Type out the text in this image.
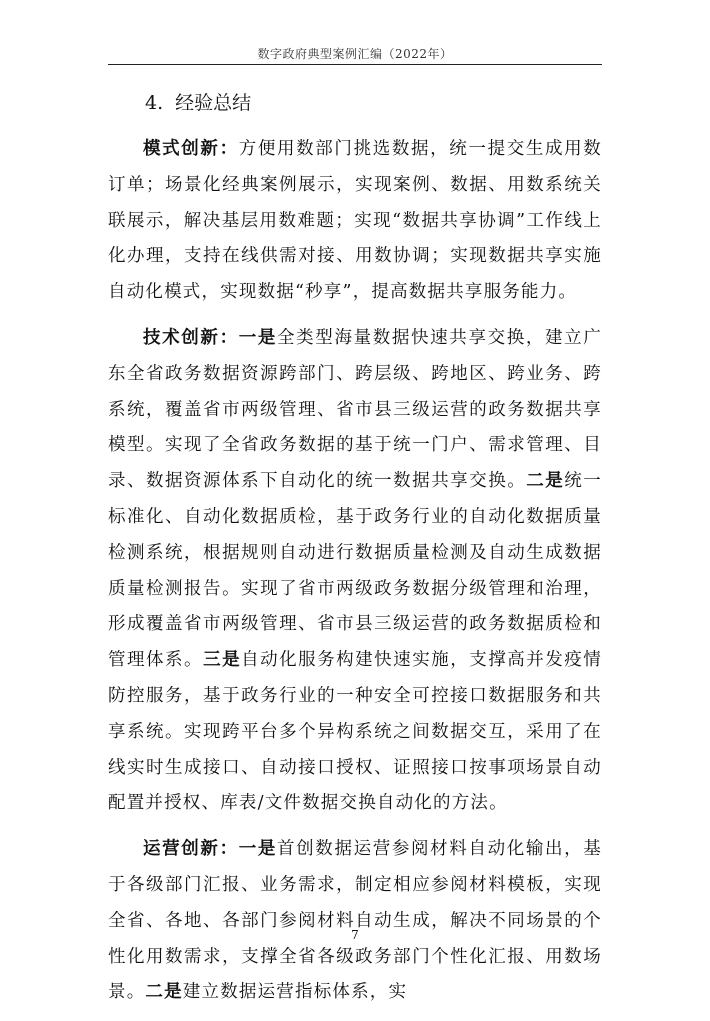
数字政府典型案例汇编（2022年）
4. 经验总结

模式创新：方便用数部门挑选数据，统一提交生成用数订单；场景化经典案例展示，实现案例、数据、用数系统关联展示，解决基层用数难题；实现“数据共享协调”工作线上化办理，支持在线供需对接、用数协调；实现数据共享实施自动化模式，实现数据“秒享”，提高数据共享服务能力。

技术创新：一是全类型海量数据快速共享交换，建立广东全省政务数据资源跨部门、跨层级、跨地区、跨业务、跨系统，覆盖省市两级管理、省市县三级运营的政务数据共享模型。实现了全省政务数据的基于统一门户、需求管理、目录、数据资源体系下自动化的统一数据共享交换。二是统一标准化、自动化数据质检，基于政务行业的自动化数据质量检测系统，根据规则自动进行数据质量检测及自动生成数据质量检测报告。实现了省市两级政务数据分级管理和治理，形成覆盖省市两级管理、省市县三级运营的政务数据质检和管理体系。三是自动化服务构建快速实施，支撑高并发疫情防控服务，基于政务行业的一种安全可控接口数据服务和共享系统。实现跨平台多个异构系统之间数据交互，采用了在线实时生成接口、自动接口授权、证照接口按事项场景自动配置并授权、库表/文件数据交换自动化的方法。

运营创新：一是首创数据运营参阅材料自动化输出，基于各级部门汇报、业务需求，制定相应参阅材料模板，实现全省、各地、各部门参阅材料自动生成，解决不同场景的个性化用数需求，支撑全省各级政务部门个性化汇报、用数场景。二是建立数据运营指标体系，实

7
